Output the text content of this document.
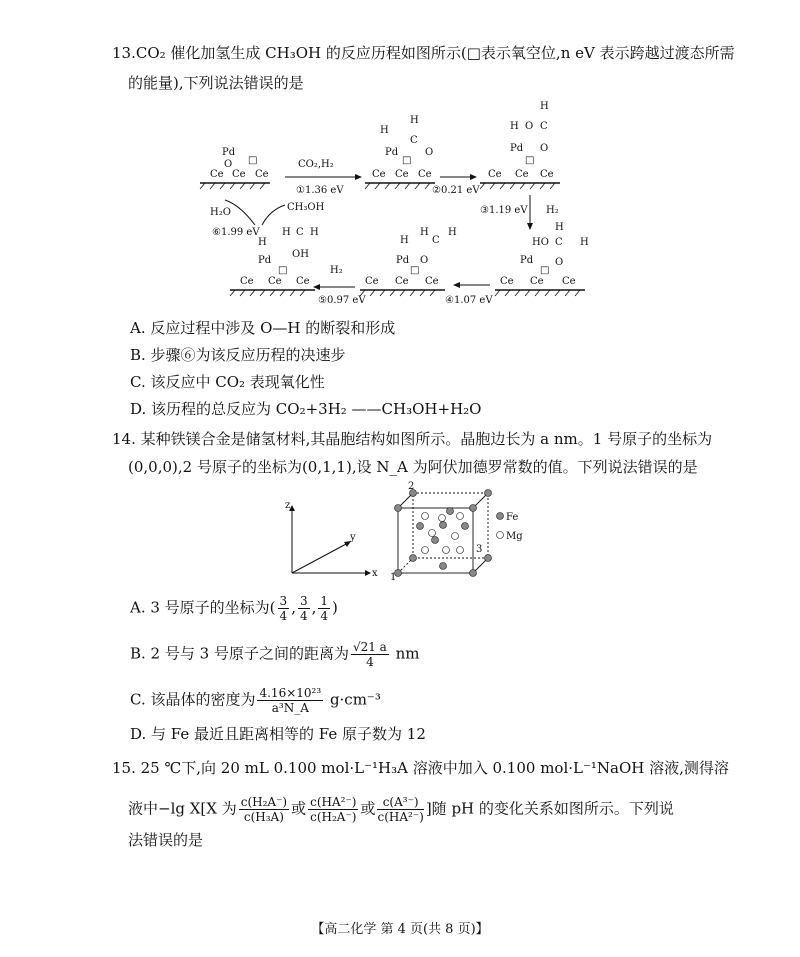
13.CO₂ 催化加氢生成 CH₃OH 的反应历程如图所示(□表示氧空位,n eV 表示跨越过渡态所需
的能量),下列说法错误的是
Ce Ce Ce
Pd
O □	CO₂,H₂
①1.36 eV
Ce Ce Ce
H
Pd
H
C
O
□
②0.21 eV
Ce Ce Ce
H
H O C
Pd O
□
③1.19 eV H₂
Ce Ce Ce
H
HO C H
O
Pd
□
④1.07 eV
Ce Ce Ce
H
H
C
H
O
Pd
□
H₂
⑤0.97 eV
Ce Ce Ce
H
H C H
OH
Pd
□
H₂O	CH₃OH
⑥1.99 eV
A. 反应过程中涉及 O—H 的断裂和形成
B. 步骤⑥为该反应历程的决速步
C. 该反应中 CO₂ 表现氧化性
D. 该历程的总反应为 CO₂+3H₂ ——CH₃OH+H₂O
14. 某种铁镁合金是储氢材料,其晶胞结构如图所示。晶胞边长为 a nm。1 号原子的坐标为
(0,0,0),2 号原子的坐标为(0,1,1),设 N_A 为阿伏加德罗常数的值。下列说法错误的是
z
x
y
1
2
3
Fe
Mg
A. 3 号原子的坐标为( $\frac{3}{4}$ , $\frac{3}{4}$ , $\frac{1}{4}$ )
B. 2 号与 3 号原子之间的距离为 $\frac{√21 a}{4}$ nm
C. 该晶体的密度为 $\frac{\text{4.16×10²³}}{\text{a³N\_A}} g\cdot cm^{-3}$
D. 与 Fe 最近且距离相等的 Fe 原子数为 12
15. 25 ℃下,向 20 mL 0.100 mol·L⁻¹H₃A 溶液中加入 0.100 mol·L⁻¹NaOH 溶液,测得溶
液中−lg X[X 为 $\frac{\text{c(H₂A⁻)}}{\text{c(H₃A)}}$ 或 $\frac{\text{c(HA²⁻)}}{\text{c(H₂A⁻)}}$ 或 $\frac{\text{c(A³⁻)}}{\text{c(HA²⁻)}}$ ]随 pH 的变化关系如图所示。下列说
法错误的是
【高二化学 第 4 页(共 8 页)】
